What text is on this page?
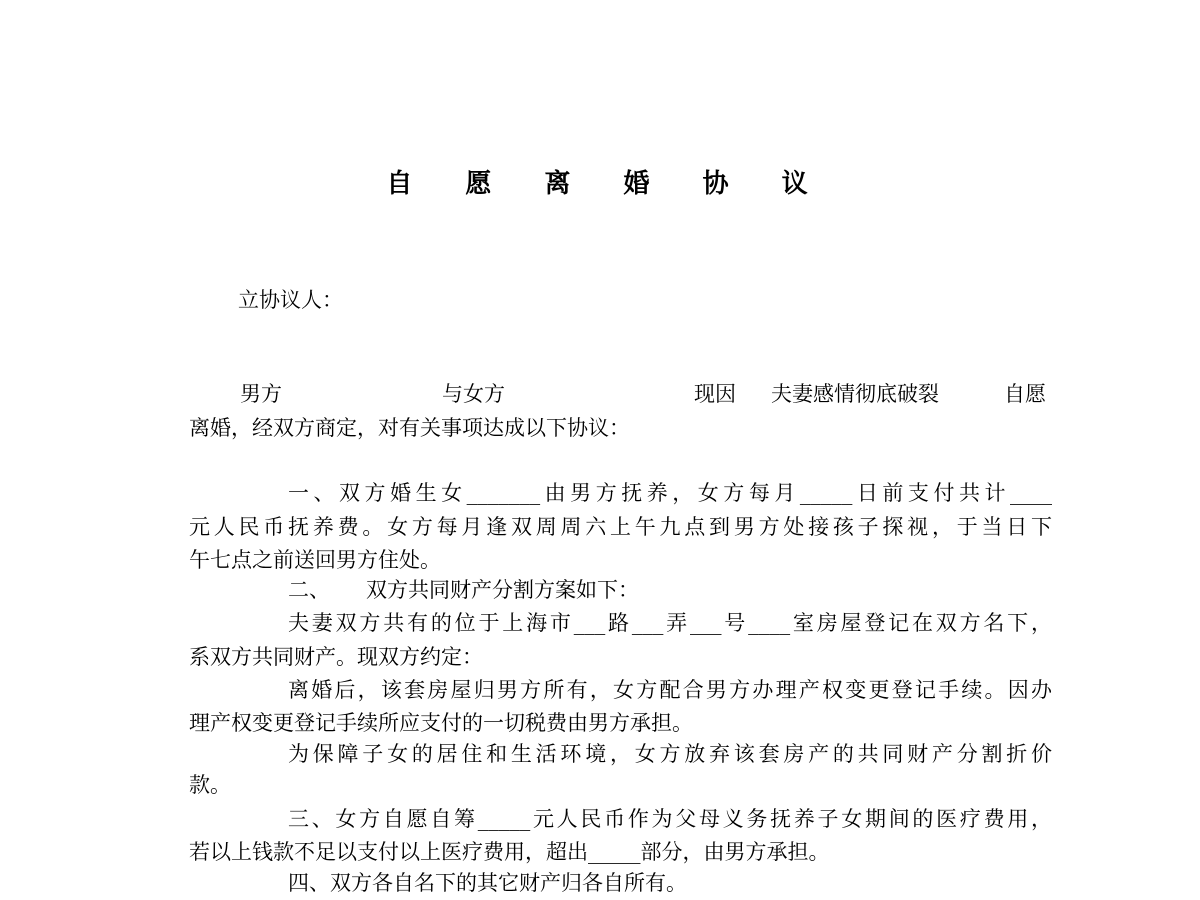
自 愿 离 婚 协 议
立协议人：
男方	与女方	现因 夫妻感情彻底破裂	自愿
离婚，经双方商定，对有关事项达成以下协议：
一、双方婚生女_______由男方抚养，女方每月_____日前支付共计____
元人民币抚养费。女方每月逢双周周六上午九点到男方处接孩子探视，于当日下
午七点之前送回男方住处。
二、 双方共同财产分割方案如下：
夫妻双方共有的位于上海市___路___弄___号____室房屋登记在双方名下，
系双方共同财产。现双方约定：
离婚后，该套房屋归男方所有，女方配合男方办理产权变更登记手续。因办
理产权变更登记手续所应支付的一切税费由男方承担。
为保障子女的居住和生活环境，女方放弃该套房产的共同财产分割折价
款。
三、女方自愿自筹_____元人民币作为父母义务抚养子女期间的医疗费用，
若以上钱款不足以支付以上医疗费用，超出_____部分，由男方承担。
四、双方各自名下的其它财产归各自所有。
